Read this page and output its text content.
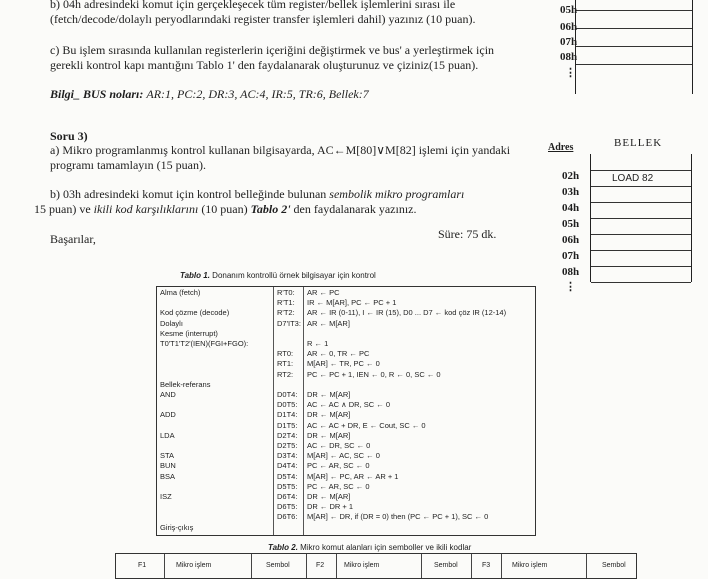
b) 04h adresindeki komut için gerçekleşecek tüm register/bellek işlemlerini sırası ile
(fetch/decode/dolaylı peryodlarındaki register transfer işlemleri dahil) yazınız (10 puan).
c) Bu işlem sırasında kullanılan registerlerin içeriğini değiştirmek ve bus' a yerleştirmek için
gerekli kontrol kapı mantığını Tablo 1' den faydalanarak oluşturunuz ve çiziniz(15 puan).
Bilgi_ BUS noları: AR:1, PC:2, DR:3, AC:4, IR:5, TR:6, Bellek:7
05h
06h
07h
08h
⋮
Soru 3)
a) Mikro programlanmış kontrol kullanan bilgisayarda, AC←M[80]∨M[82] işlemi için yandaki
programı tamamlayın (15 puan).
b) 03h adresindeki komut için kontrol belleğinde bulunan sembolik mikro programları
15 puan) ve ikili kod karşılıklarını (10 puan) Tablo 2' den faydalanarak yazınız.
Başarılar,	Süre: 75 dk.
Adres	BELLEK
02h	LOAD 82
03h
04h
05h
06h
07h
08h
⋮
Tablo 1. Donanım kontrollü örnek bilgisayar için kontrol
Alma (fetch)	R'T0: AR ← PC
R'T1: IR ← M[AR], PC ← PC + 1
Kod çözme (decode)	R'T2: AR ← IR (0-11), I ← IR (15), D0 ... D7 ← kod çöz IR (12-14)
Dolaylı	D7'IT3: AR ← M[AR]
Kesme (interrupt)
T0'T1'T2'(IEN)(FGI+FGO):	R ← 1
RT0: AR ← 0, TR ← PC
RT1: M[AR] ← TR, PC ← 0
RT2: PC ← PC + 1, IEN ← 0, R ← 0, SC ← 0
Bellek-referans
AND	D0T4: DR ← M[AR]
D0T5: AC ← AC ∧ DR, SC ← 0
ADD	D1T4: DR ← M[AR]
D1T5: AC ← AC + DR, E ← Cout, SC ← 0
LDA	D2T4: DR ← M[AR]
D2T5: AC ← DR, SC ← 0
STA	D3T4: M[AR] ← AC, SC ← 0
BUN	D4T4: PC ← AR, SC ← 0
BSA	D5T4: M[AR] ← PC, AR ← AR + 1
D5T5: PC ← AR, SC ← 0
ISZ	D6T4: DR ← M[AR]
D6T5: DR ← DR + 1
D6T6: M[AR] ← DR, if (DR = 0) then (PC ← PC + 1), SC ← 0
Giriş-çıkış
Tablo 2. Mikro komut alanları için semboller ve ikili kodlar
F1	Mikro işlem	Sembol	F2	Mikro işlem	Sembol	F3	Mikro işlem	Sembol
